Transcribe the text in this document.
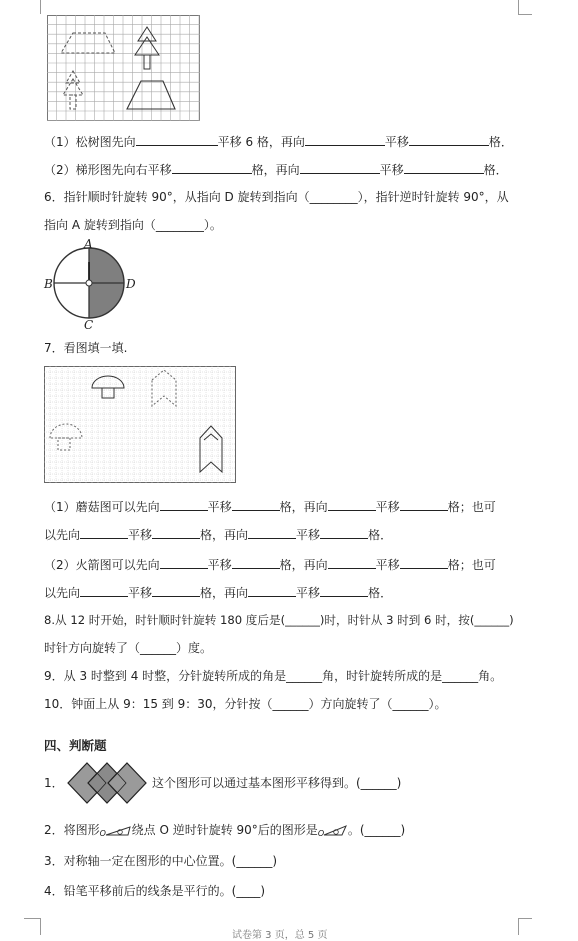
（1）松树图先向	平移 6 格，再向	平移	格．
（2）梯形图先向右平移	格，再向	平移	格．
6．指针顺时针旋转 90°，从指向 D 旋转到指向（________），指针逆时针旋转 90°，从
指向 A 旋转到指向（________）。
A
B	D
C
7．看图填一填.
（1）蘑菇图可以先向	平移	格，再向	平移	格；也可
以先向	平移	格，再向	平移	格．
（2）火箭图可以先向	平移	格，再向	平移	格；也可
以先向	平移	格，再向	平移	格．
8.从 12 时开始，时针顺时针旋转 180 度后是(______)时，时针从 3 时到 6 时，按(______)
时针方向旋转了（______）度。
9．从 3 时整到 4 时整，分针旋转所成的角是______角，时针旋转所成的是______角。
10．钟面上从 9：15 到 9：30，分针按（______）方向旋转了（______）。
四、判断题
1．	这个图形可以通过基本图形平移得到。(______)
2．将图形 O 绕点 O 逆时针旋转 90°后的图形是 O 。(______)
3．对称轴一定在图形的中心位置。(______)
4．铅笔平移前后的线条是平行的。(____)
试卷第 3 页，总 5 页
